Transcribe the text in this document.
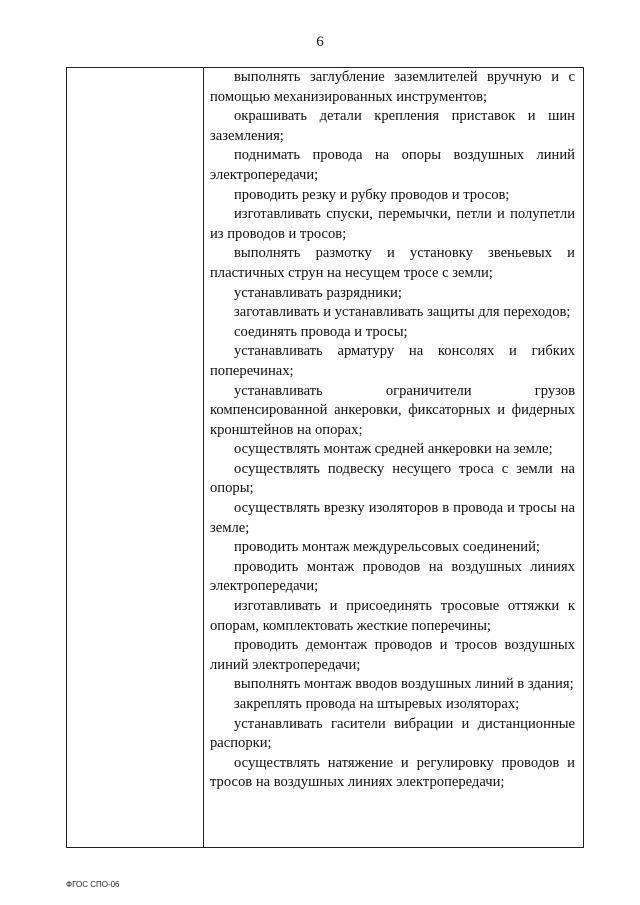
6

выполнять заглубление заземлителей вручную и с помощью механизированных инструментов;

окрашивать детали крепления приставок и шин заземления;

поднимать провода на опоры воздушных линий электропередачи;

проводить резку и рубку проводов и тросов;

изготавливать спуски, перемычки, петли и полупетли из проводов и тросов;

выполнять размотку и установку звеньевых и пластичных струн на несущем тросе с земли;

устанавливать разрядники;

заготавливать и устанавливать защиты для переходов;

соединять провода и тросы;

устанавливать арматуру на консолях и гибких поперечинах;

устанавливать ограничители грузов компенсированной анкеровки, фиксаторных и фидерных кронштейнов на опорах;

осуществлять монтаж средней анкеровки на земле;

осуществлять подвеску несущего троса с земли на опоры;

осуществлять врезку изоляторов в провода и тросы на земле;

проводить монтаж междурельсовых соединений;

проводить монтаж проводов на воздушных линиях электропередачи;

изготавливать и присоединять тросовые оттяжки к опорам, комплектовать жесткие поперечины;

проводить демонтаж проводов и тросов воздушных линий электропередачи;

выполнять монтаж вводов воздушных линий в здания;

закреплять провода на штыревых изоляторах;

устанавливать гасители вибрации и дистанционные распорки;

осуществлять натяжение и регулировку проводов и тросов на воздушных линиях электропередачи;

ФГОС СПО-06
